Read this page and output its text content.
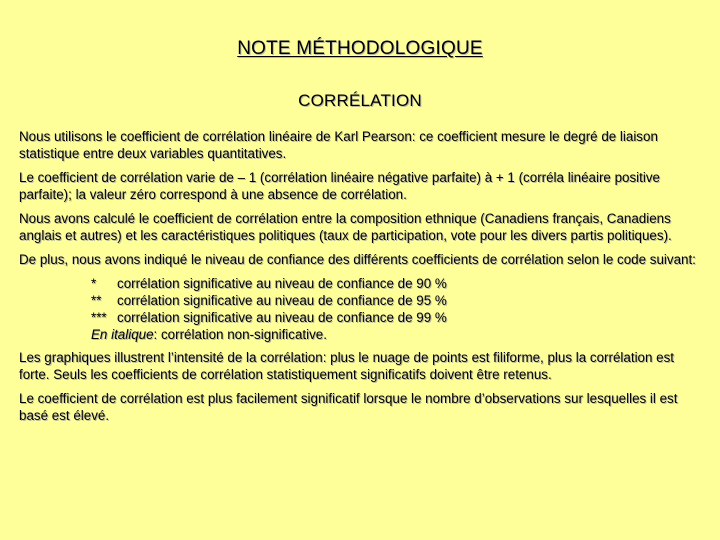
NOTE MÉTHODOLOGIQUE
CORRÉLATION

Nous utilisons le coefficient de corrélation linéaire de Karl Pearson: ce coefficient mesure le degré de liaison statistique entre deux variables quantitatives.

Le coefficient de corrélation varie de – 1 (corrélation linéaire négative parfaite) à + 1 (corréla linéaire positive parfaite); la valeur zéro correspond à une absence de corrélation.

Nous avons calculé le coefficient de corrélation entre la composition ethnique (Canadiens français, Canadiens anglais et autres) et les caractéristiques politiques (taux de participation, vote pour les divers partis politiques).

De plus, nous avons indiqué le niveau de confiance des différents coefficients de corrélation selon le code suivant:

* corrélation significative au niveau de confiance de 90 %
** corrélation significative au niveau de confiance de 95 %
*** corrélation significative au niveau de confiance de 99 %
En italique: corrélation non-significative.

Les graphiques illustrent l’intensité de la corrélation: plus le nuage de points est filiforme, plus la corrélation est forte. Seuls les coefficients de corrélation statistiquement significatifs doivent être retenus.

Le coefficient de corrélation est plus facilement significatif lorsque le nombre d’observations sur lesquelles il est basé est élevé.
